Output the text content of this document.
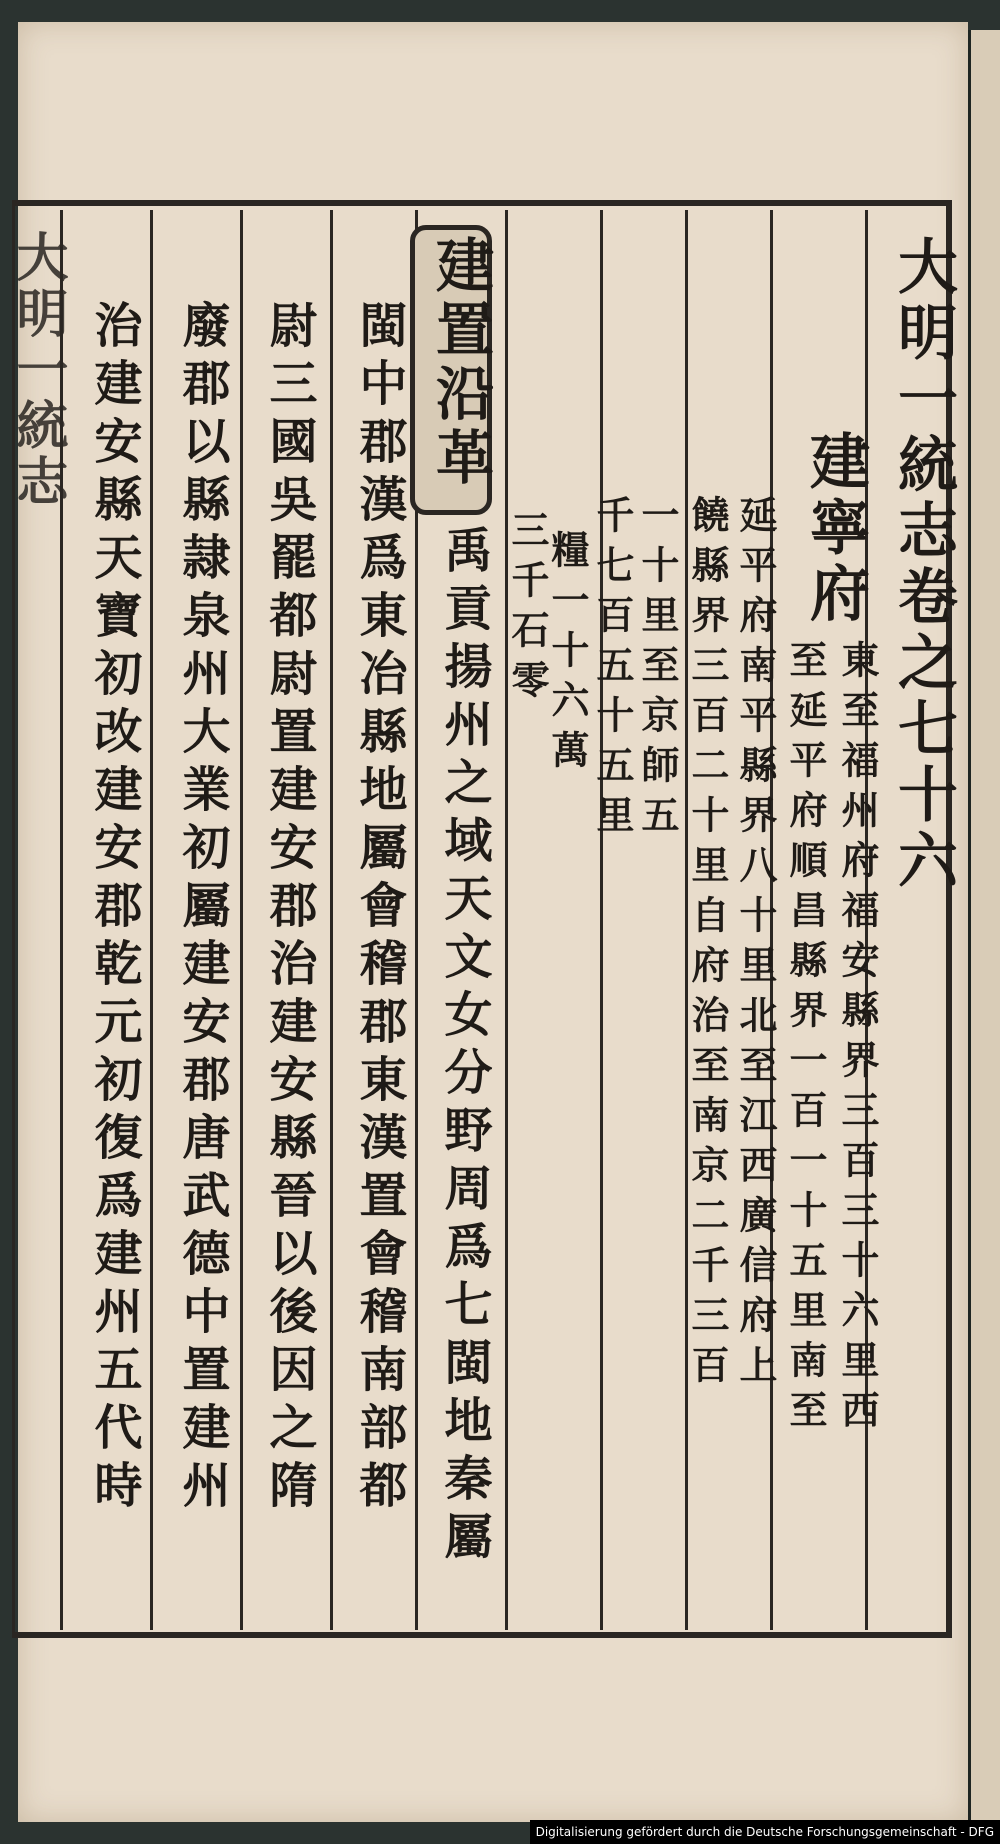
大明一統志卷之七十六
建寧府
東至福州府福安縣界三百三十六里西
至延平府順昌縣界一百一十五里南至
延平府南平縣界八十里北至江西廣信府上
饒縣界三百二十里自府治至南京二千三百
一十里至京師五
千七百五十五里
糧一十六萬
三千石零
建置沿革
禹貢揚州之域天文女分野周爲七閩地秦屬
閩中郡漢爲東冶縣地屬會稽郡東漢置會稽南部都
尉三國吳罷都尉置建安郡治建安縣晉以後因之隋
廢郡以縣隷泉州大業初屬建安郡唐武德中置建州
治建安縣天寶初改建安郡乾元初復爲建州五代時
大明一統志
Digitalisierung gefördert durch die Deutsche Forschungsgemeinschaft - DFG
